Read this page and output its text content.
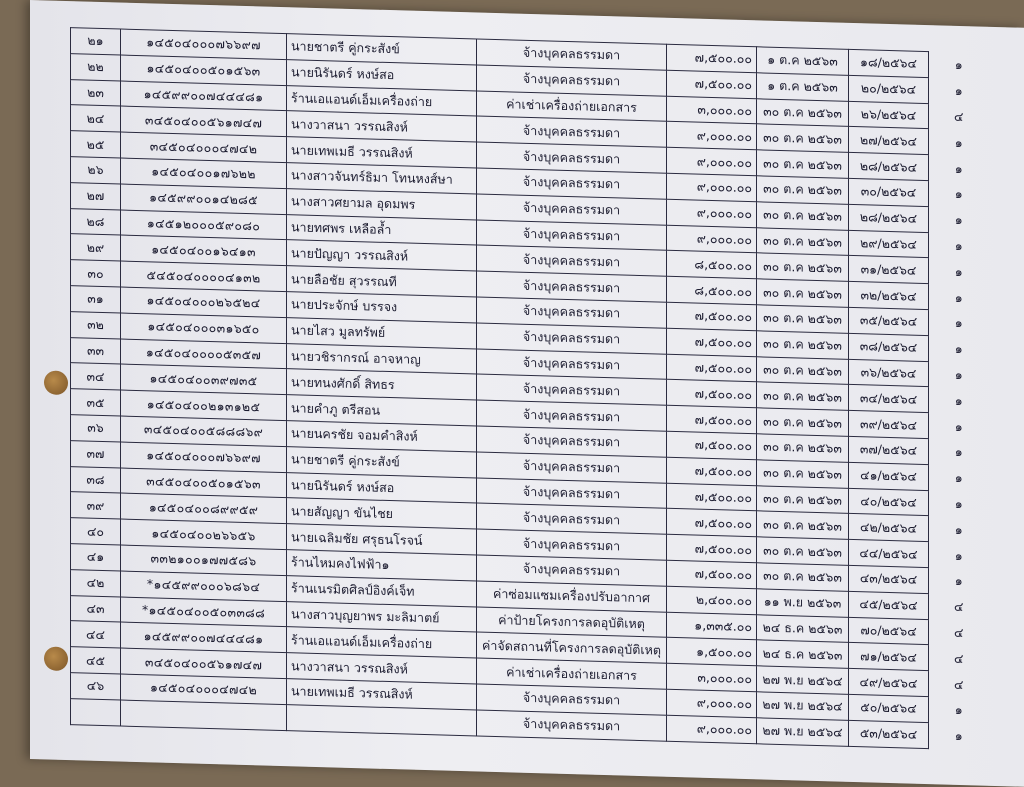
๒๑	๑๔๕๐๔๐๐๐๗๖๖๙๗	นายชาตรี คู่กระสังข์	จ้างบุคคลธรรมดา	๗,๕๐๐.๐๐	๑ ต.ค ๒๕๖๓	๑๘/๒๕๖๔	๑
๒๒	๑๔๕๐๔๐๐๕๐๑๕๖๓	นายนิรันดร์ หงษ์สอ	จ้างบุคคลธรรมดา	๗,๕๐๐.๐๐	๑ ต.ค ๒๕๖๓	๒๐/๒๕๖๔	๑
๒๓	๑๔๕๙๙๐๐๗๔๔๔๘๑	ร้านเอแอนด์เอ็มเครื่องถ่าย	ค่าเช่าเครื่องถ่ายเอกสาร	๓,๐๐๐.๐๐	๓๐ ต.ค ๒๕๖๓	๒๖/๒๕๖๔	๔
๒๔	๓๔๕๐๔๐๐๕๖๑๗๔๗	นางวาสนา วรรณสิงห์	จ้างบุคคลธรรมดา	๙,๐๐๐.๐๐	๓๐ ต.ค ๒๕๖๓	๒๗/๒๕๖๔	๑
๒๕	๓๔๕๐๔๐๐๐๔๗๔๒	นายเทพเมธี วรรณสิงห์	จ้างบุคคลธรรมดา	๙,๐๐๐.๐๐	๓๐ ต.ค ๒๕๖๓	๒๘/๒๕๖๔	๑
๒๖	๑๔๕๐๔๐๐๑๗๖๒๒	นางสาวจันทร์ธิมา โทนหงส์ษา	จ้างบุคคลธรรมดา	๙,๐๐๐.๐๐	๓๐ ต.ค ๒๕๖๓	๓๐/๒๕๖๔	๑
๒๗	๑๔๕๙๙๐๐๑๔๒๘๕	นางสาวศยามล อุดมพร	จ้างบุคคลธรรมดา	๙,๐๐๐.๐๐	๓๐ ต.ค ๒๕๖๓	๒๘/๒๕๖๔	๑
๒๘	๑๔๕๑๒๐๐๐๕๙๐๘๐	นายทศพร เหลือล้ำ	จ้างบุคคลธรรมดา	๙,๐๐๐.๐๐	๓๐ ต.ค ๒๕๖๓	๒๙/๒๕๖๔	๑
๒๙	๑๔๕๐๔๐๐๑๖๔๑๓	นายปัญญา วรรณสิงห์	จ้างบุคคลธรรมดา	๘,๕๐๐.๐๐	๓๐ ต.ค ๒๕๖๓	๓๑/๒๕๖๔	๑
๓๐	๕๔๕๐๔๐๐๐๐๔๑๓๒	นายลือชัย สุวรรณที	จ้างบุคคลธรรมดา	๘,๕๐๐.๐๐	๓๐ ต.ค ๒๕๖๓	๓๒/๒๕๖๔	๑
๓๑	๑๔๕๐๔๐๐๐๒๖๕๒๔	นายประจักษ์ บรรจง	จ้างบุคคลธรรมดา	๗,๕๐๐.๐๐	๓๐ ต.ค ๒๕๖๓	๓๕/๒๕๖๔	๑
๓๒	๑๔๕๐๔๐๐๐๓๑๖๕๐	นายไสว มูลทรัพย์	จ้างบุคคลธรรมดา	๗,๕๐๐.๐๐	๓๐ ต.ค ๒๕๖๓	๓๘/๒๕๖๔	๑
๓๓	๑๔๕๐๔๐๐๐๐๕๓๕๗	นายวชิรากรณ์ อาจหาญ	จ้างบุคคลธรรมดา	๗,๕๐๐.๐๐	๓๐ ต.ค ๒๕๖๓	๓๖/๒๕๖๔	๑
๓๔	๑๔๕๐๔๐๐๓๙๗๓๕	นายทนงศักดิ์ สิทธร	จ้างบุคคลธรรมดา	๗,๕๐๐.๐๐	๓๐ ต.ค ๒๕๖๓	๓๔/๒๕๖๔	๑
๓๕	๑๔๕๐๔๐๐๒๑๓๑๒๕	นายคำภู ตรีสอน	จ้างบุคคลธรรมดา	๗,๕๐๐.๐๐	๓๐ ต.ค ๒๕๖๓	๓๙/๒๕๖๔	๑
๓๖	๓๔๕๐๔๐๐๕๘๘๘๖๙	นายนครชัย จอมคำสิงห์	จ้างบุคคลธรรมดา	๗,๕๐๐.๐๐	๓๐ ต.ค ๒๕๖๓	๓๗/๒๕๖๔	๑
๓๗	๑๔๕๐๔๐๐๐๗๖๖๙๗	นายชาตรี คู่กระสังข์	จ้างบุคคลธรรมดา	๗,๕๐๐.๐๐	๓๐ ต.ค ๒๕๖๓	๔๑/๒๕๖๔	๑
๓๘	๓๔๕๐๔๐๐๕๐๑๕๖๓	นายนิรันดร์ หงษ์สอ	จ้างบุคคลธรรมดา	๗,๕๐๐.๐๐	๓๐ ต.ค ๒๕๖๓	๔๐/๒๕๖๔	๑
๓๙	๑๔๕๐๔๐๐๘๙๙๕๙	นายสัญญา ขันไชย	จ้างบุคคลธรรมดา	๗,๕๐๐.๐๐	๓๐ ต.ค ๒๕๖๓	๔๒/๒๕๖๔	๑
๔๐	๑๔๕๐๔๐๐๒๖๖๕๖	นายเฉลิมชัย ศรุธนโรจน์	จ้างบุคคลธรรมดา	๗,๕๐๐.๐๐	๓๐ ต.ค ๒๕๖๓	๔๔/๒๕๖๔	๑
๔๑	๓๓๒๑๐๐๑๗๗๕๘๖	ร้านไหมคงไฟฟ้า๑	จ้างบุคคลธรรมดา	๗,๕๐๐.๐๐	๓๐ ต.ค ๒๕๖๓	๔๓/๒๕๖๔	๑
๔๒	*๑๔๕๙๙๐๐๐๖๘๖๔	ร้านเนรมิตศิลป์อิงค์เจ็ท	ค่าซ่อมแซมเครื่องปรับอากาศ	๒,๔๐๐.๐๐	๑๑ พ.ย ๒๕๖๓	๔๕/๒๕๖๔	๔
๔๓	*๑๔๕๐๔๐๐๕๐๓๓๘๘	นางสาวบุญยาพร มะลิมาตย์	ค่าป้ายโครงการลดอุบัติเหตุ	๑,๓๓๕.๐๐	๒๔ ธ.ค ๒๕๖๓	๗๐/๒๕๖๔	๔
๔๔	๑๔๕๙๙๐๐๗๔๔๔๘๑	ร้านเอแอนด์เอ็มเครื่องถ่าย	ค่าจัดสถานที่โครงการลดอุบัติเหตุ	๑,๕๐๐.๐๐	๒๔ ธ.ค ๒๕๖๓	๗๑/๒๕๖๔	๔
๔๕	๓๔๕๐๔๐๐๕๖๑๗๔๗	นางวาสนา วรรณสิงห์	ค่าเช่าเครื่องถ่ายเอกสาร	๓,๐๐๐.๐๐	๒๗ พ.ย ๒๕๖๔	๔๙/๒๕๖๔	๔
๔๖	๑๔๕๐๔๐๐๐๔๗๔๒	นายเทพเมธี วรรณสิงห์	จ้างบุคคลธรรมดา	๙,๐๐๐.๐๐	๒๗ พ.ย ๒๕๖๔	๕๐/๒๕๖๔	๑
			จ้างบุคคลธรรมดา	๙,๐๐๐.๐๐	๒๗ พ.ย ๒๕๖๔	๕๓/๒๕๖๔	๑
